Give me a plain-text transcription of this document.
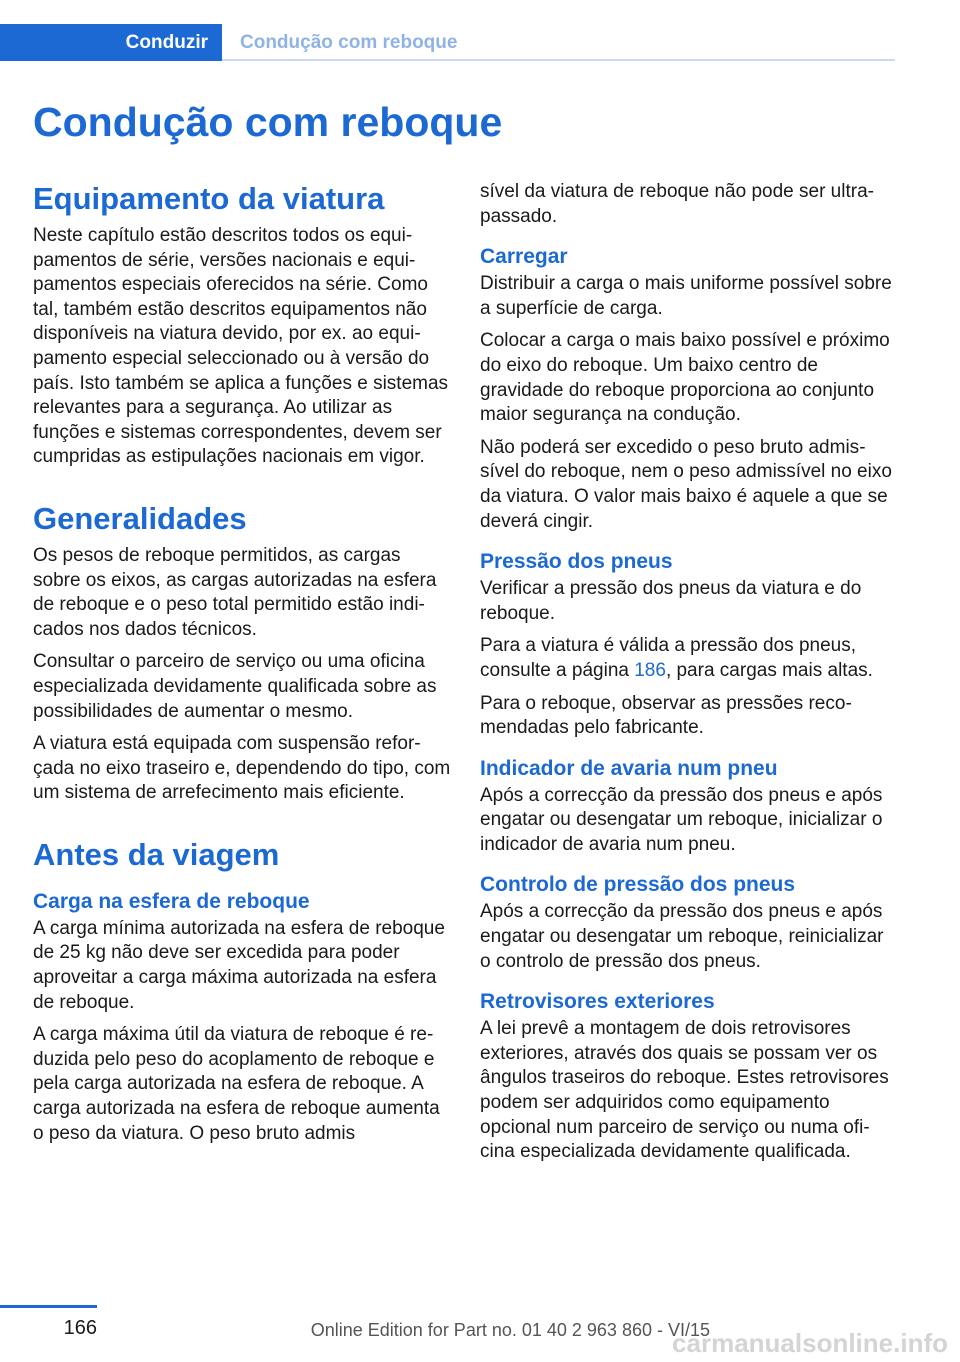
Conduzir	Condução com reboque
Condução com reboque
Equipamento da viatura

Neste capítulo estão descritos todos os equipamentos de série, versões nacionais e equipamentos especiais oferecidos na série. Como tal, também estão descritos equipamentos não disponíveis na viatura devido, por ex. ao equipamento especial seleccionado ou à versão do país. Isto também se aplica a funções e sistemas relevantes para a segurança. Ao utilizar as funções e sistemas correspondentes, devem ser cumpridas as estipulações nacionais em vigor.

Generalidades

Os pesos de reboque permitidos, as cargas sobre os eixos, as cargas autorizadas na esfera de reboque e o peso total permitido estão indicados nos dados técnicos.

Consultar o parceiro de serviço ou uma oficina especializada devidamente qualificada sobre as possibilidades de aumentar o mesmo.

A viatura está equipada com suspensão reforçada no eixo traseiro e, dependendo do tipo, com um sistema de arrefecimento mais eficiente.

Antes da viagem
Carga na esfera de reboque

A carga mínima autorizada na esfera de reboque de 25 kg não deve ser excedida para poder aproveitar a carga máxima autorizada na esfera de reboque.

A carga máxima útil da viatura de reboque é reduzida pelo peso do acoplamento de reboque e pela carga autorizada na esfera de reboque. A carga autorizada na esfera de reboque aumenta o peso da viatura. O peso bruto admis

sível da viatura de reboque não pode ser ultrapassado.

Carregar

Distribuir a carga o mais uniforme possível sobre a superfície de carga.

Colocar a carga o mais baixo possível e próximo do eixo do reboque. Um baixo centro de gravidade do reboque proporciona ao conjunto maior segurança na condução.

Não poderá ser excedido o peso bruto admissível do reboque, nem o peso admissível no eixo da viatura. O valor mais baixo é aquele a que se deverá cingir.

Pressão dos pneus

Verificar a pressão dos pneus da viatura e do reboque.

Para a viatura é válida a pressão dos pneus, consulte a página 186, para cargas mais altas.

Para o reboque, observar as pressões recomendadas pelo fabricante.

Indicador de avaria num pneu

Após a correcção da pressão dos pneus e após engatar ou desengatar um reboque, inicializar o indicador de avaria num pneu.

Controlo de pressão dos pneus

Após a correcção da pressão dos pneus e após engatar ou desengatar um reboque, reinicializar o controlo de pressão dos pneus.

Retrovisores exteriores

A lei prevê a montagem de dois retrovisores exteriores, através dos quais se possam ver os ângulos traseiros do reboque. Estes retrovisores podem ser adquiridos como equipamento opcional num parceiro de serviço ou numa oficina especializada devidamente qualificada.

166	Online Edition for Part no. 01 40 2 963 860 - VI/15
carmanualsonline.info
